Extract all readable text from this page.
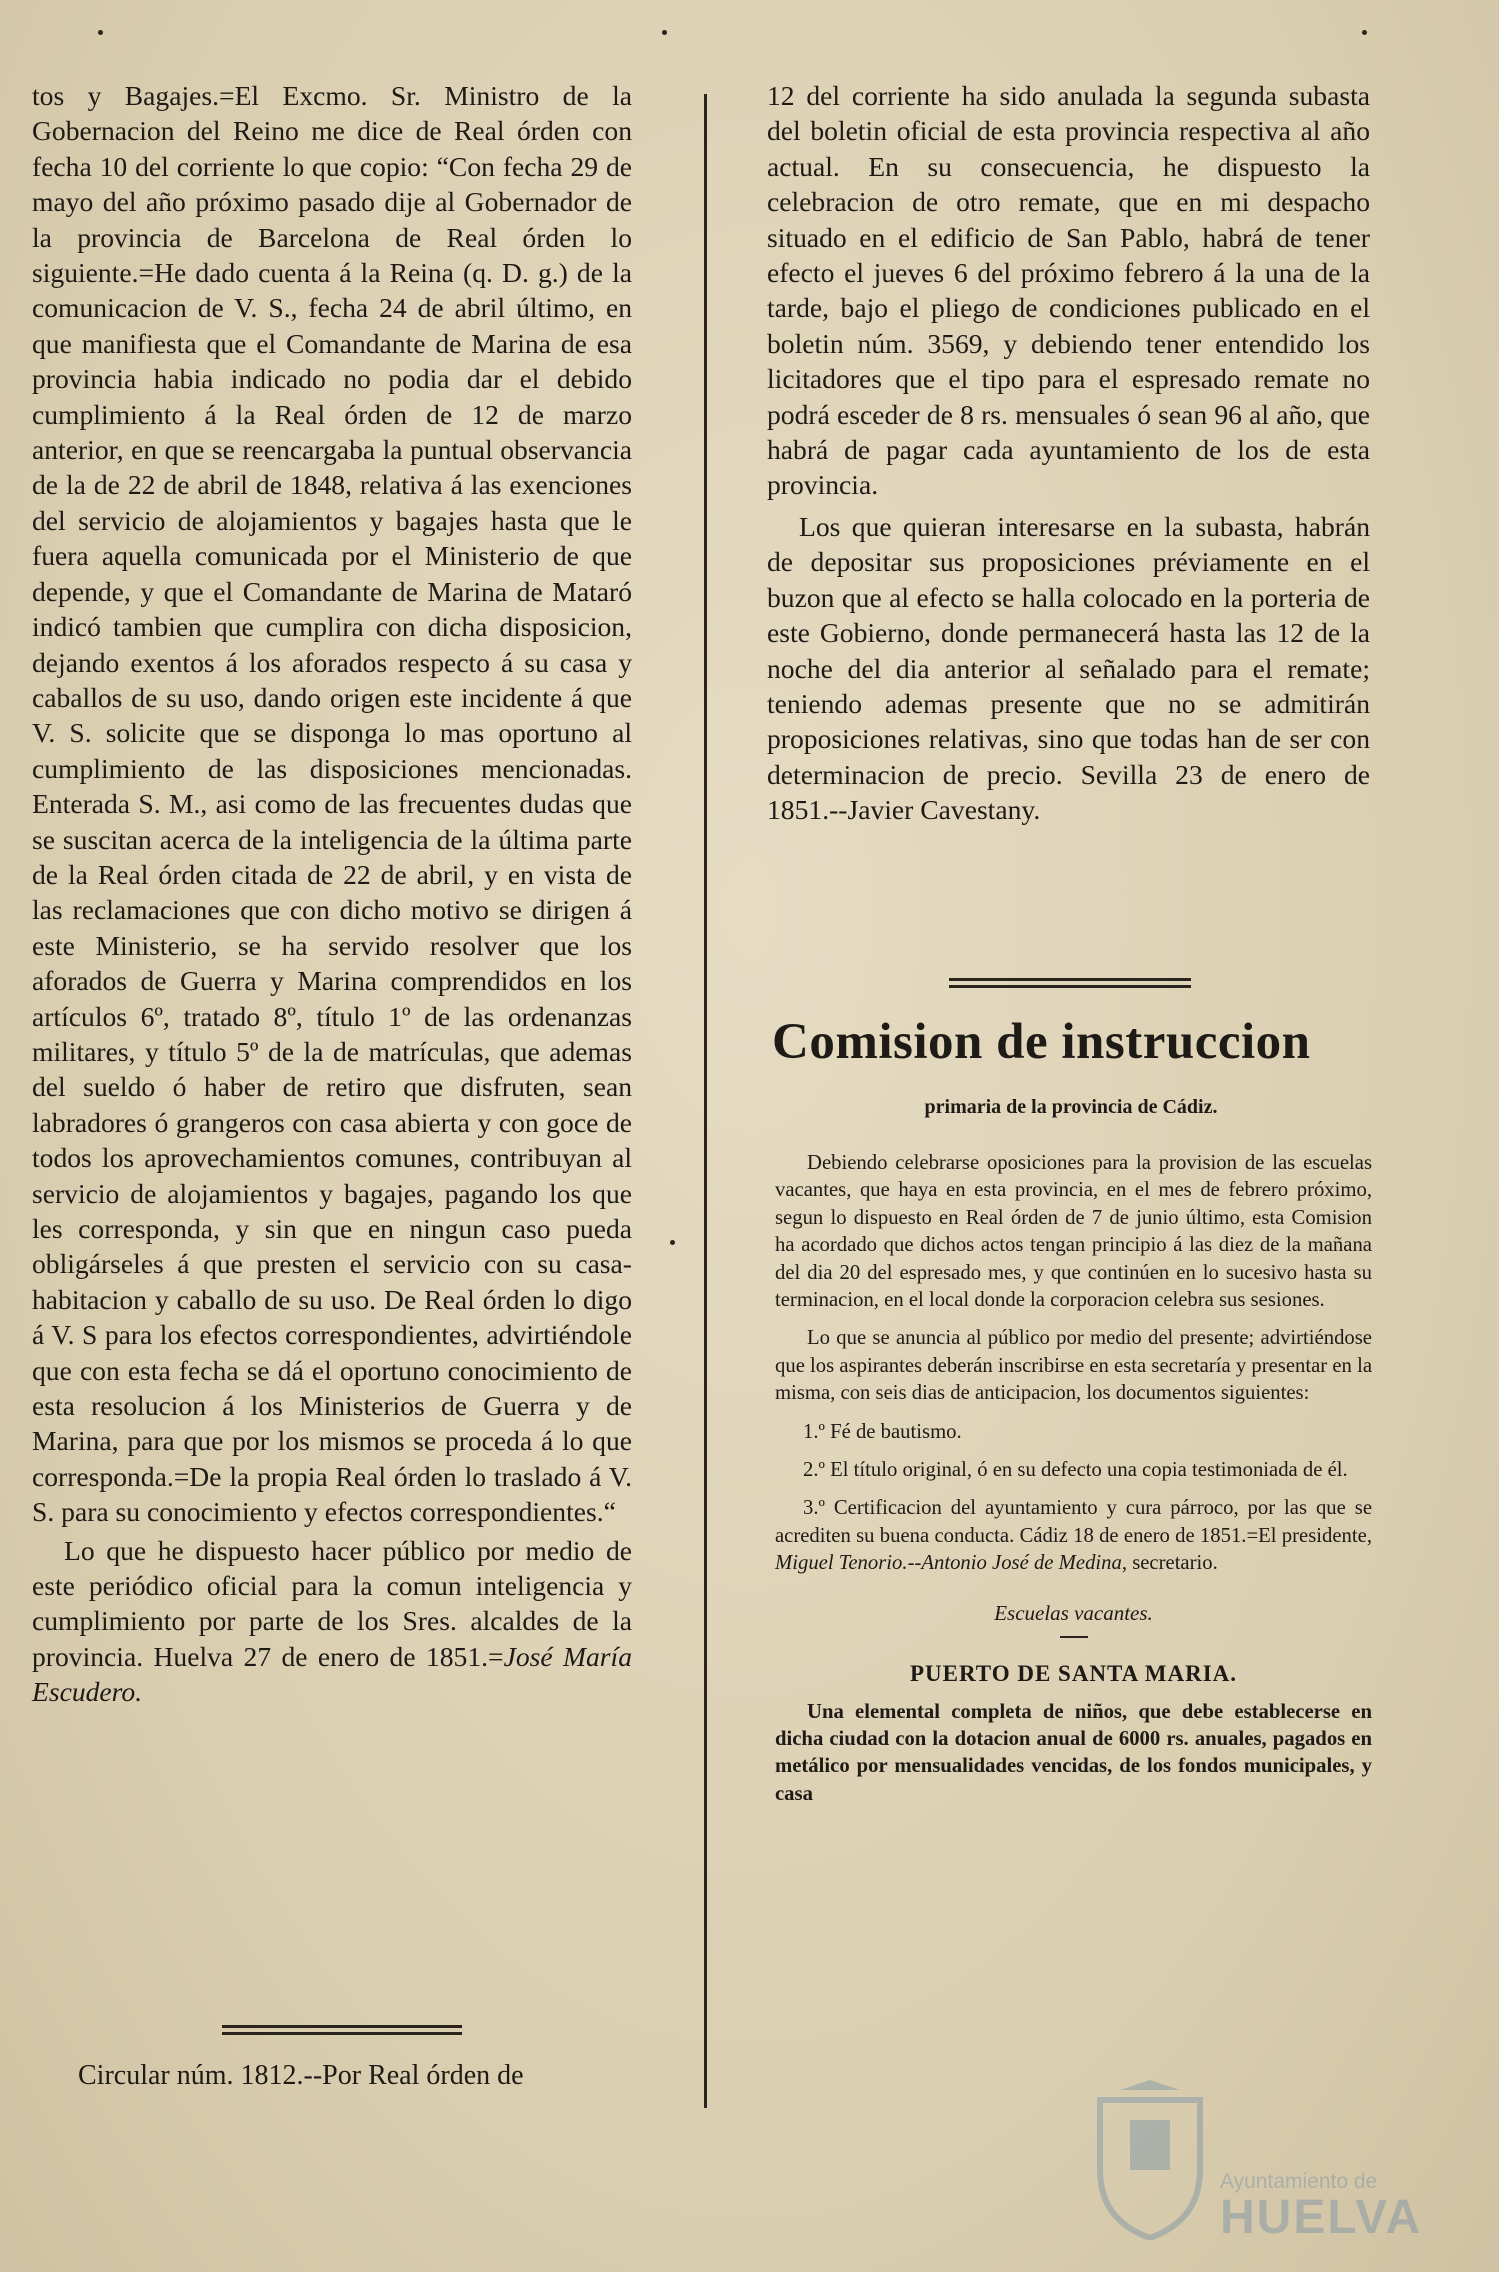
tos y Bagajes.=El Excmo. Sr. Ministro de la Gobernacion del Reino me dice de Real órden con fecha 10 del corriente lo que copio: “Con fecha 29 de mayo del año próximo pasado dije al Gobernador de la provincia de Barcelona de Real órden lo siguiente.=He dado cuenta á la Reina (q. D. g.) de la comunicacion de V. S., fecha 24 de abril último, en que manifiesta que el Comandante de Marina de esa provincia habia indicado no podia dar el debido cumplimiento á la Real órden de 12 de marzo anterior, en que se reencargaba la puntual observancia de la de 22 de abril de 1848, relativa á las exenciones del servicio de alojamientos y bagajes hasta que le fuera aquella comunicada por el Ministerio de que depende, y que el Comandante de Marina de Mataró indicó tambien que cumplira con dicha disposicion, dejando exentos á los aforados respecto á su casa y caballos de su uso, dando origen este incidente á que V. S. solicite que se disponga lo mas oportuno al cumplimiento de las disposiciones mencionadas. Enterada S. M., asi como de las frecuentes dudas que se suscitan acerca de la inteligencia de la última parte de la Real órden citada de 22 de abril, y en vista de las reclamaciones que con dicho motivo se dirigen á este Ministerio, se ha servido resolver que los aforados de Guerra y Marina comprendidos en los artículos 6º, tratado 8º, título 1º de las ordenanzas militares, y título 5º de la de matrículas, que ademas del sueldo ó haber de retiro que disfruten, sean labradores ó grangeros con casa abierta y con goce de todos los aprovechamientos comunes, contribuyan al servicio de alojamientos y bagajes, pagando los que les corresponda, y sin que en ningun caso pueda obligárseles á que presten el servicio con su casa-habitacion y caballo de su uso. De Real órden lo digo á V. S para los efectos correspondientes, advirtiéndole que con esta fecha se dá el oportuno conocimiento de esta resolucion á los Ministerios de Guerra y de Marina, para que por los mismos se proceda á lo que corresponda.=De la propia Real órden lo traslado á V. S. para su conocimiento y efectos correspondientes.“

Lo que he dispuesto hacer público por medio de este periódico oficial para la comun inteligencia y cumplimiento por parte de los Sres. alcaldes de la provincia. Huelva 27 de enero de 1851.=José María Escudero.

Circular núm. 1812.--Por Real órden de

12 del corriente ha sido anulada la segunda subasta del boletin oficial de esta provincia respectiva al año actual. En su consecuencia, he dispuesto la celebracion de otro remate, que en mi despacho situado en el edificio de San Pablo, habrá de tener efecto el jueves 6 del próximo febrero á la una de la tarde, bajo el pliego de condiciones publicado en el boletin núm. 3569, y debiendo tener entendido los licitadores que el tipo para el espresado remate no podrá esceder de 8 rs. mensuales ó sean 96 al año, que habrá de pagar cada ayuntamiento de los de esta provincia.

Los que quieran interesarse en la subasta, habrán de depositar sus proposiciones préviamente en el buzon que al efecto se halla colocado en la porteria de este Gobierno, donde permanecerá hasta las 12 de la noche del dia anterior al señalado para el remate; teniendo ademas presente que no se admitirán proposiciones relativas, sino que todas han de ser con determinacion de precio. Sevilla 23 de enero de 1851.--Javier Cavestany.

Comision de instruccion
primaria de la provincia de Cádiz.

Debiendo celebrarse oposiciones para la provision de las escuelas vacantes, que haya en esta provincia, en el mes de febrero próximo, segun lo dispuesto en Real órden de 7 de junio último, esta Comision ha acordado que dichos actos tengan principio á las diez de la mañana del dia 20 del espresado mes, y que continúen en lo sucesivo hasta su terminacion, en el local donde la corporacion celebra sus sesiones.

Lo que se anuncia al público por medio del presente; advirtiéndose que los aspirantes deberán inscribirse en esta secretaría y presentar en la misma, con seis dias de anticipacion, los documentos siguientes:

1.º Fé de bautismo.

2.º El título original, ó en su defecto una copia testimoniada de él.

3.º Certificacion del ayuntamiento y cura párroco, por las que se acrediten su buena conducta. Cádiz 18 de enero de 1851.=El presidente, Miguel Tenorio.--Antonio José de Medina, secretario.

Escuelas vacantes.

PUERTO DE SANTA MARIA.

Una elemental completa de niños, que debe establecerse en dicha ciudad con la dotacion anual de 6000 rs. anuales, pagados en metálico por mensualidades vencidas, de los fondos municipales, y casa

Ayuntamiento de
HUELVA
